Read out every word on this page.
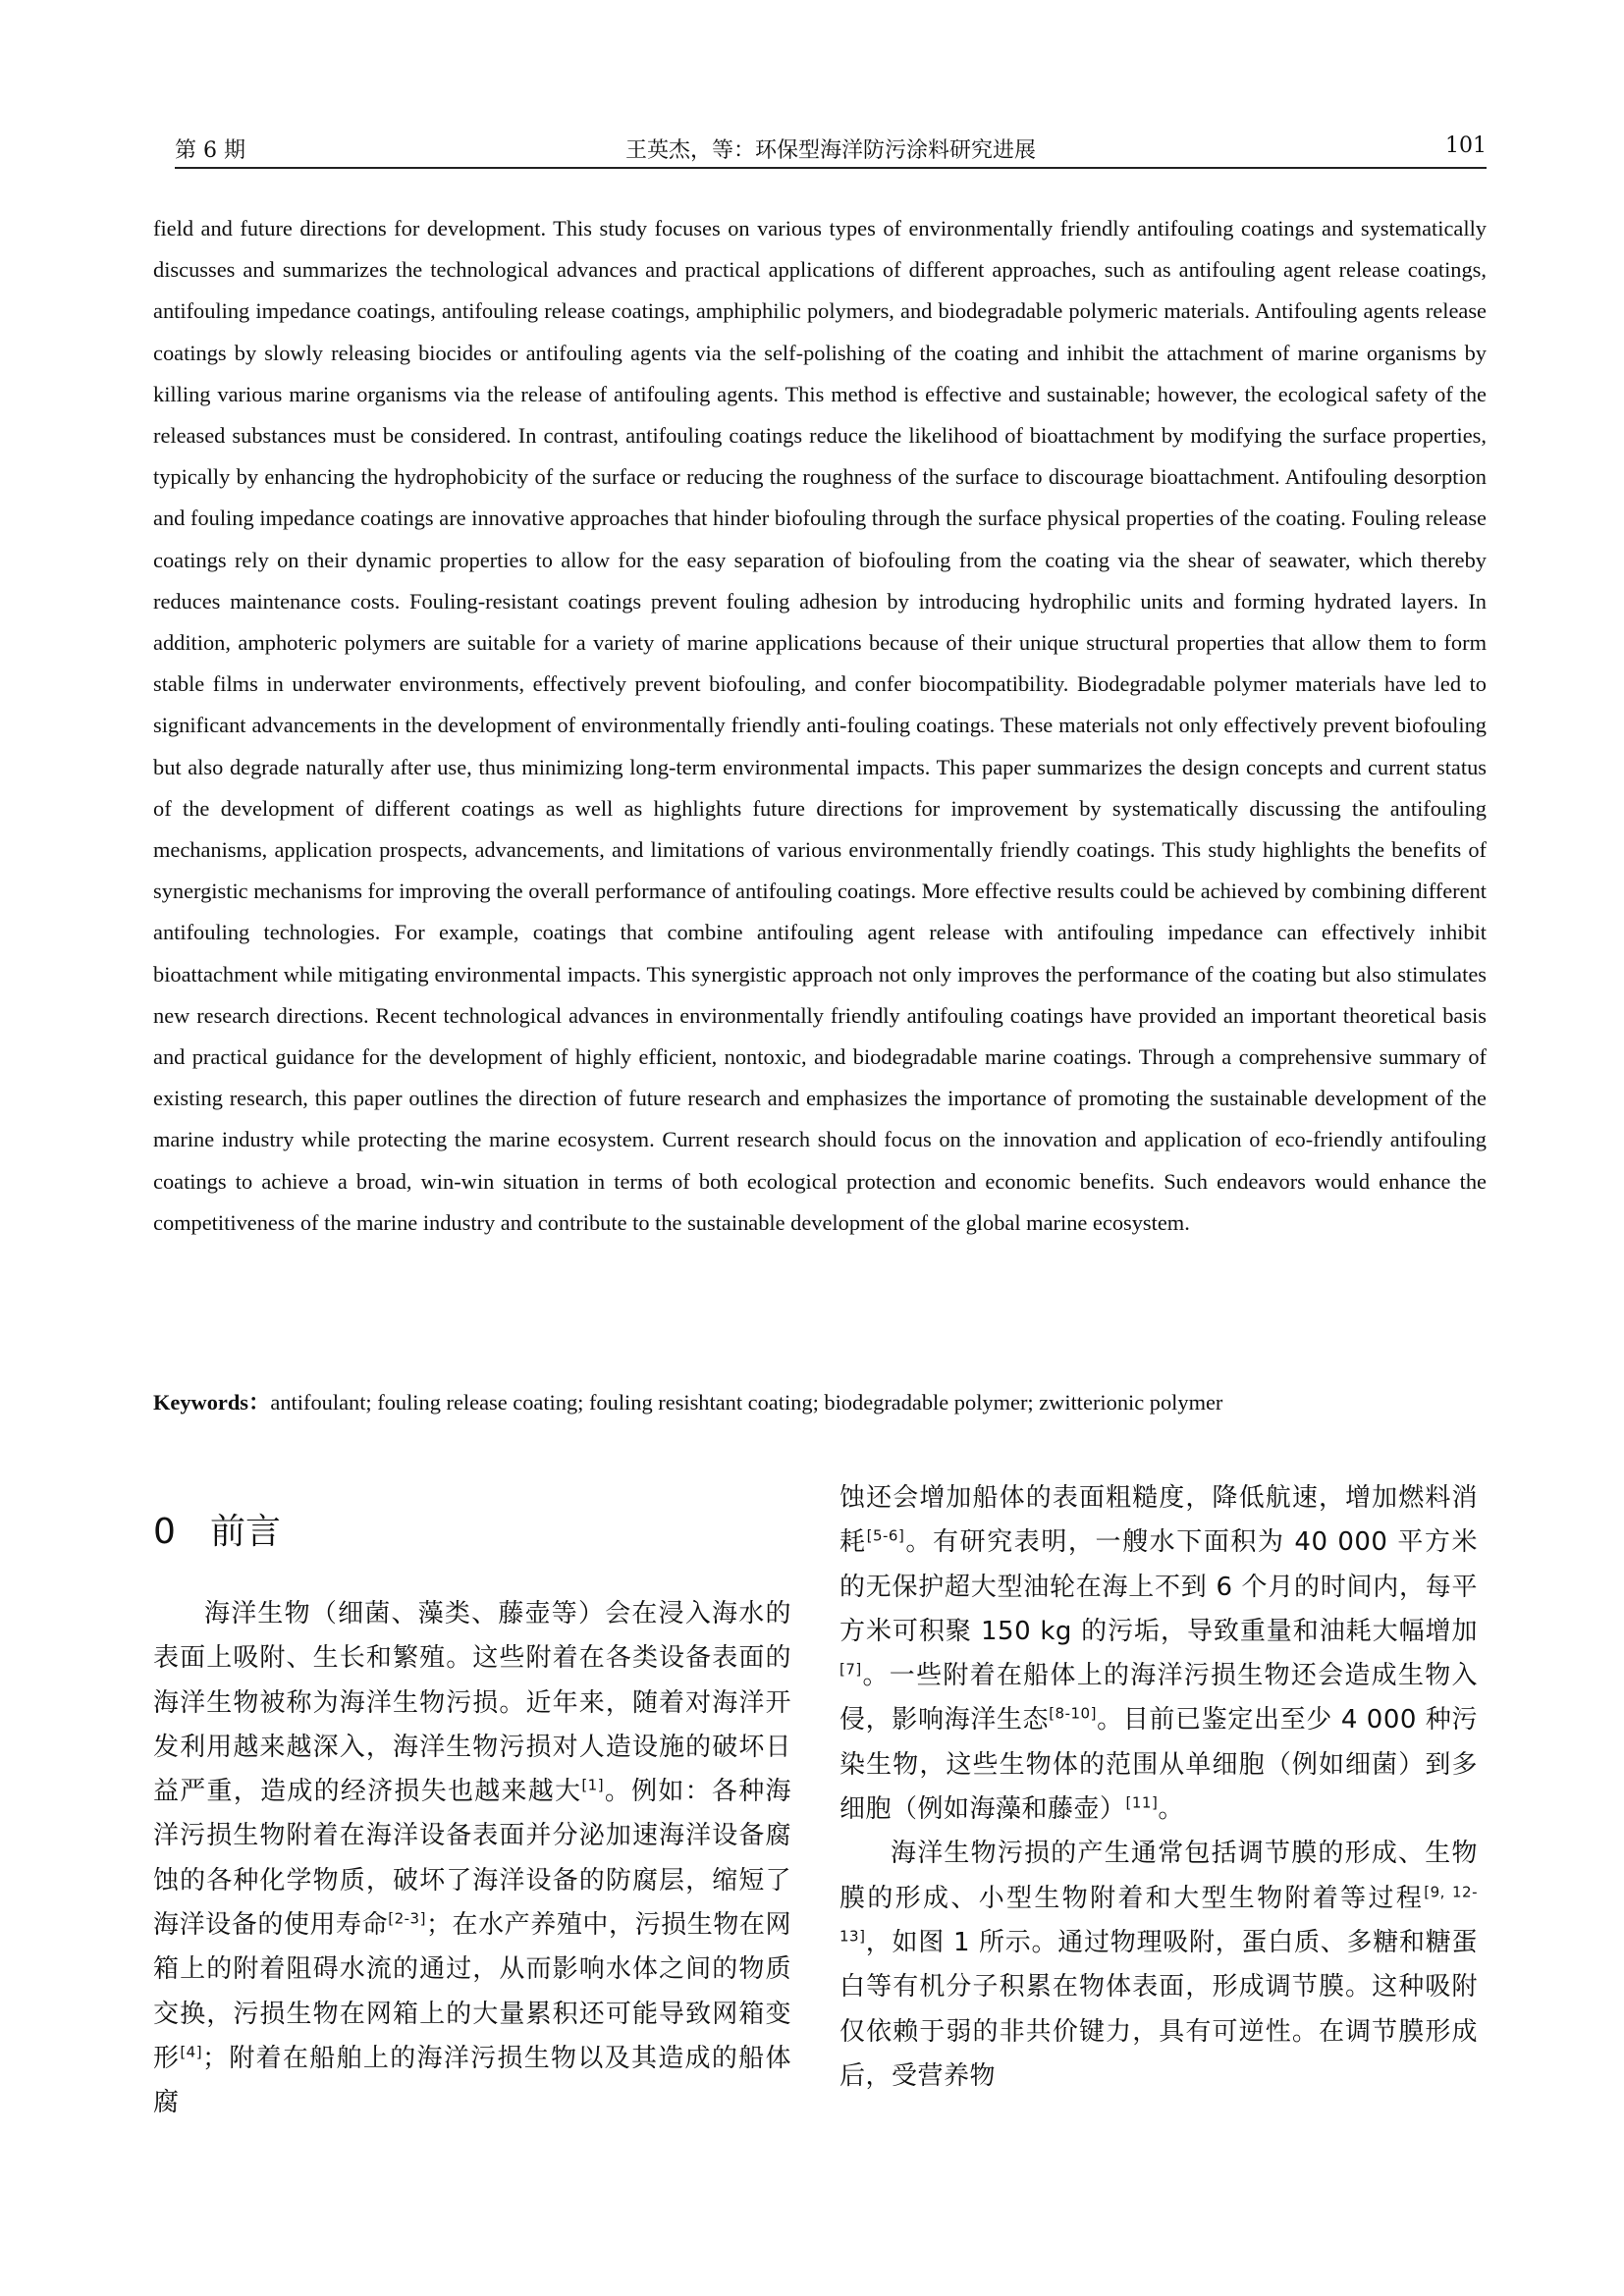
第 6 期	王英杰，等：环保型海洋防污涂料研究进展	101

field and future directions for development. This study focuses on various types of environmentally friendly antifouling coatings and systematically discusses and summarizes the technological advances and practical applications of different approaches, such as antifouling agent release coatings, antifouling impedance coatings, antifouling release coatings, amphiphilic polymers, and biodegradable polymeric materials. Antifouling agents release coatings by slowly releasing biocides or antifouling agents via the self-polishing of the coating and inhibit the attachment of marine organisms by killing various marine organisms via the release of antifouling agents. This method is effective and sustainable; however, the ecological safety of the released substances must be considered. In contrast, antifouling coatings reduce the likelihood of bioattachment by modifying the surface properties, typically by enhancing the hydrophobicity of the surface or reducing the roughness of the surface to discourage bioattachment. Antifouling desorption and fouling impedance coatings are innovative approaches that hinder biofouling through the surface physical properties of the coating. Fouling release coatings rely on their dynamic properties to allow for the easy separation of biofouling from the coating via the shear of seawater, which thereby reduces maintenance costs. Fouling-resistant coatings prevent fouling adhesion by introducing hydrophilic units and forming hydrated layers. In addition, amphoteric polymers are suitable for a variety of marine applications because of their unique structural properties that allow them to form stable films in underwater environments, effectively prevent biofouling, and confer biocompatibility. Biodegradable polymer materials have led to significant advancements in the development of environmentally friendly anti-fouling coatings. These materials not only effectively prevent biofouling but also degrade naturally after use, thus minimizing long-term environmental impacts. This paper summarizes the design concepts and current status of the development of different coatings as well as highlights future directions for improvement by systematically discussing the antifouling mechanisms, application prospects, advancements, and limitations of various environmentally friendly coatings. This study highlights the benefits of synergistic mechanisms for improving the overall performance of antifouling coatings. More effective results could be achieved by combining different antifouling technologies. For example, coatings that combine antifouling agent release with antifouling impedance can effectively inhibit bioattachment while mitigating environmental impacts. This synergistic approach not only improves the performance of the coating but also stimulates new research directions. Recent technological advances in environmentally friendly antifouling coatings have provided an important theoretical basis and practical guidance for the development of highly efficient, nontoxic, and biodegradable marine coatings. Through a comprehensive summary of existing research, this paper outlines the direction of future research and emphasizes the importance of promoting the sustainable development of the marine industry while protecting the marine ecosystem. Current research should focus on the innovation and application of eco-friendly antifouling coatings to achieve a broad, win-win situation in terms of both ecological protection and economic benefits. Such endeavors would enhance the competitiveness of the marine industry and contribute to the sustainable development of the global marine ecosystem.

Keywords：antifoulant; fouling release coating; fouling resishtant coating; biodegradable polymer; zwitterionic polymer

0 前言

海洋生物（细菌、藻类、藤壶等）会在浸入海水的表面上吸附、生长和繁殖。这些附着在各类设备表面的海洋生物被称为海洋生物污损。近年来，随着对海洋开发利用越来越深入，海洋生物污损对人造设施的破坏日益严重，造成的经济损失也越来越大[1]。例如：各种海洋污损生物附着在海洋设备表面并分泌加速海洋设备腐蚀的各种化学物质，破坏了海洋设备的防腐层，缩短了海洋设备的使用寿命[2-3]；在水产养殖中，污损生物在网箱上的附着阻碍水流的通过，从而影响水体之间的物质交换，污损生物在网箱上的大量累积还可能导致网箱变形[4]；附着在船舶上的海洋污损生物以及其造成的船体腐

蚀还会增加船体的表面粗糙度，降低航速，增加燃料消耗[5-6]。有研究表明，一艘水下面积为 40 000 平方米的无保护超大型油轮在海上不到 6 个月的时间内，每平方米可积聚 150 kg 的污垢，导致重量和油耗大幅增加[7]。一些附着在船体上的海洋污损生物还会造成生物入侵，影响海洋生态[8-10]。目前已鉴定出至少 4 000 种污染生物，这些生物体的范围从单细胞（例如细菌）到多细胞（例如海藻和藤壶）[11]。

海洋生物污损的产生通常包括调节膜的形成、生物膜的形成、小型生物附着和大型生物附着等过程[9, 12-13]，如图 1 所示。通过物理吸附，蛋白质、多糖和糖蛋白等有机分子积累在物体表面，形成调节膜。这种吸附仅依赖于弱的非共价键力，具有可逆性。在调节膜形成后，受营养物
